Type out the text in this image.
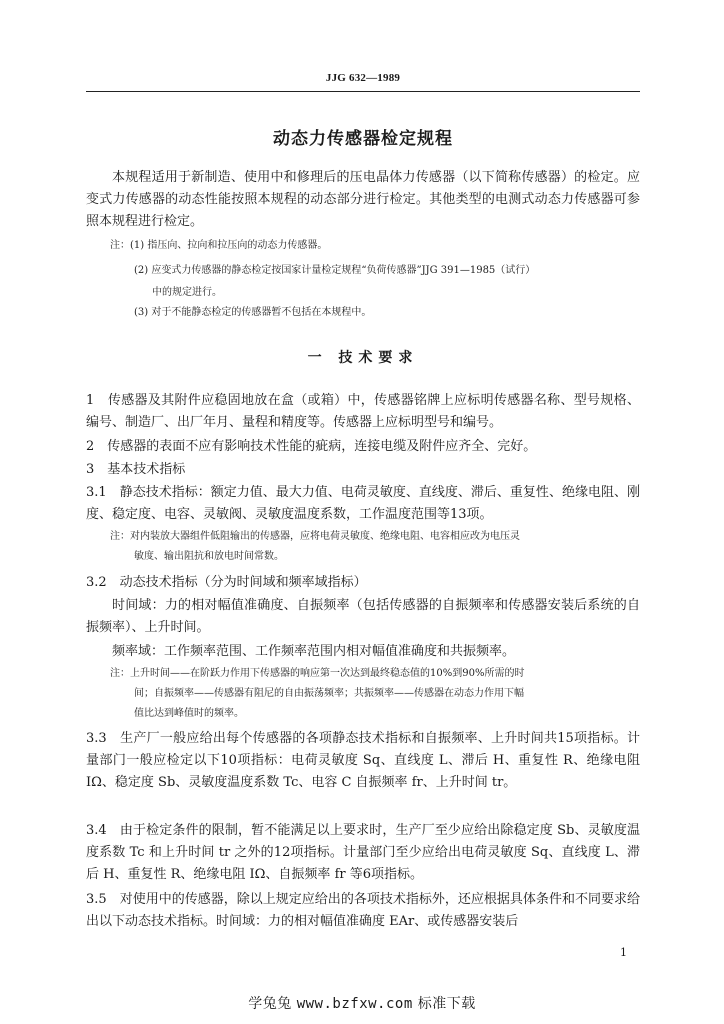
JJG 632—1989
动态力传感器检定规程

本规程适用于新制造、使用中和修理后的压电晶体力传感器（以下简称传感器）的检定。应变式力传感器的动态性能按照本规程的动态部分进行检定。其他类型的电测式动态力传感器可参照本规程进行检定。

注：(1) 指压向、拉向和拉压向的动态力传感器。

(2) 应变式力传感器的静态检定按国家计量检定规程“负荷传感器”JJG 391—1985（试行）

中的规定进行。

(3) 对于不能静态检定的传感器暂不包括在本规程中。

一 技术要求

1　传感器及其附件应稳固地放在盒（或箱）中，传感器铭牌上应标明传感器名称、型号规格、编号、制造厂、出厂年月、量程和精度等。传感器上应标明型号和编号。

2　传感器的表面不应有影响技术性能的疵病，连接电缆及附件应齐全、完好。

3　基本技术指标

3.1　静态技术指标：额定力值、最大力值、电荷灵敏度、直线度、滞后、重复性、绝缘电阻、刚度、稳定度、电容、灵敏阀、灵敏度温度系数，工作温度范围等13项。

注：对内装放大器组件低阻输出的传感器，应将电荷灵敏度、绝缘电阻、电容相应改为电压灵

敏度、输出阻抗和放电时间常数。

3.2　动态技术指标（分为时间域和频率域指标）

时间域：力的相对幅值准确度、自振频率（包括传感器的自振频率和传感器安装后系统的自振频率）、上升时间。

频率域：工作频率范围、工作频率范围内相对幅值准确度和共振频率。

注：上升时间——在阶跃力作用下传感器的响应第一次达到最终稳态值的10%到90%所需的时

间；自振频率——传感器有阻尼的自由振荡频率；共振频率——传感器在动态力作用下幅

值比达到峰值时的频率。

3.3　生产厂一般应给出每个传感器的各项静态技术指标和自振频率、上升时间共15项指标。计量部门一般应检定以下10项指标：电荷灵敏度 Sq、直线度 L、滞后 H、重复性 R、绝缘电阻 IΩ、稳定度 Sb、灵敏度温度系数 Tc、电容 C 自振频率 fr、上升时间 tr。

3.4　由于检定条件的限制，暂不能满足以上要求时，生产厂至少应给出除稳定度 Sb、灵敏度温度系数 Tc 和上升时间 tr 之外的12项指标。计量部门至少应给出电荷灵敏度 Sq、直线度 L、滞后 H、重复性 R、绝缘电阻 IΩ、自振频率 fr 等6项指标。

3.5　对使用中的传感器，除以上规定应给出的各项技术指标外，还应根据具体条件和不同要求给出以下动态技术指标。时间域：力的相对幅值准确度 EAr、或传感器安装后

1
学兔兔 www.bzfxw.com 标准下载
